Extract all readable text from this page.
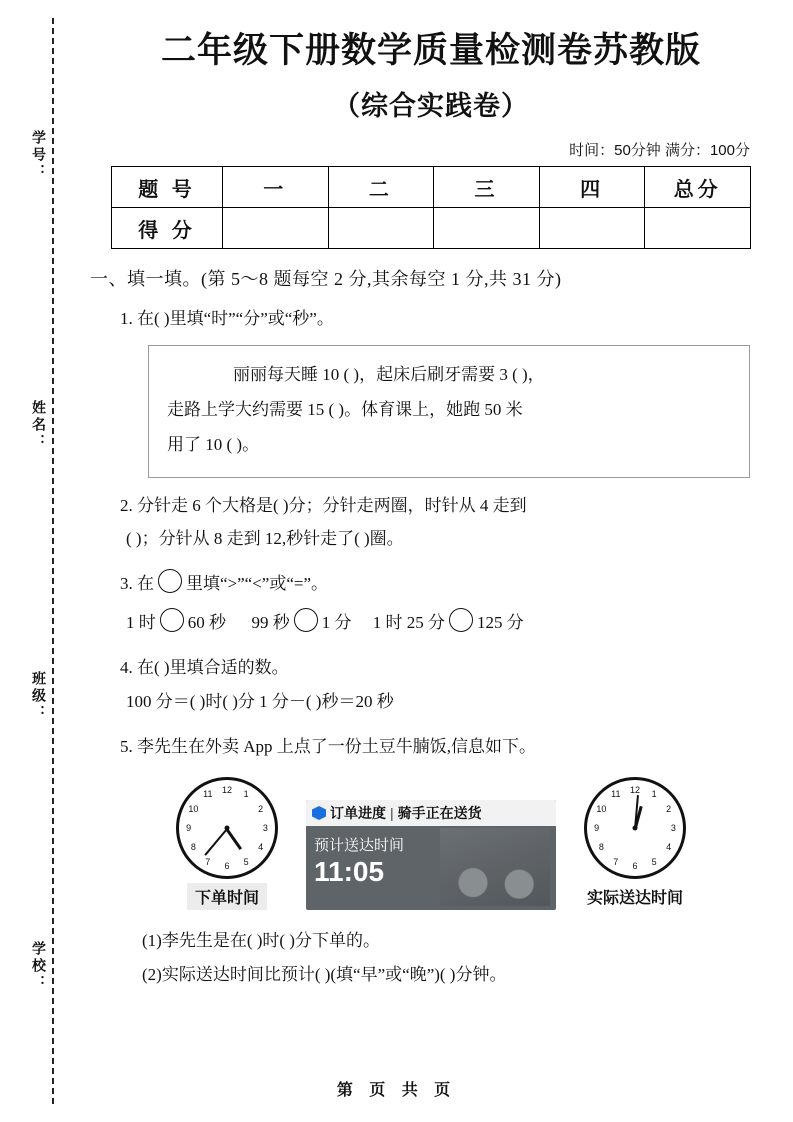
学号：
姓名：
班级：
学校：
二年级下册数学质量检测卷苏教版
（综合实践卷）
时间：50分钟 满分：100分
题 号	一	二	三	四	总分
得 分					
一、填一填。(第 5～8 题每空 2 分,其余每空 1 分,共 31 分)
1. 在( )里填“时”“分”或“秒”。
丽丽每天睡 10 ( )，起床后刷牙需要 3 ( )，
走路上学大约需要 15 ( )。体育课上，她跑 50 米
用了 10 ( )。
2. 分针走 6 个大格是( )分；分针走两圈，时针从 4 走到
( )；分针从 8 走到 12,秒针走了( )圈。
3. 在 里填“>”“<”或“=”。
1 时 60 秒 99 秒 1 分 1 时 25 分 125 分
4. 在( )里填合适的数。
100 分＝( )时( )分 1 分－( )秒＝20 秒
5. 李先生在外卖 App 上点了一份土豆牛腩饭,信息如下。
12 1
2
3
4
5
6
7
8
9
10
11
下单时间
订单进度 | 骑手正在送货
预计送达时间
11:05
12 1
2
3
4
5
6
7
8
9
10
11
实际送达时间
(1)李先生是在( )时( )分下单的。
(2)实际送达时间比预计( )(填“早”或“晚”)( )分钟。
第 页 共 页
